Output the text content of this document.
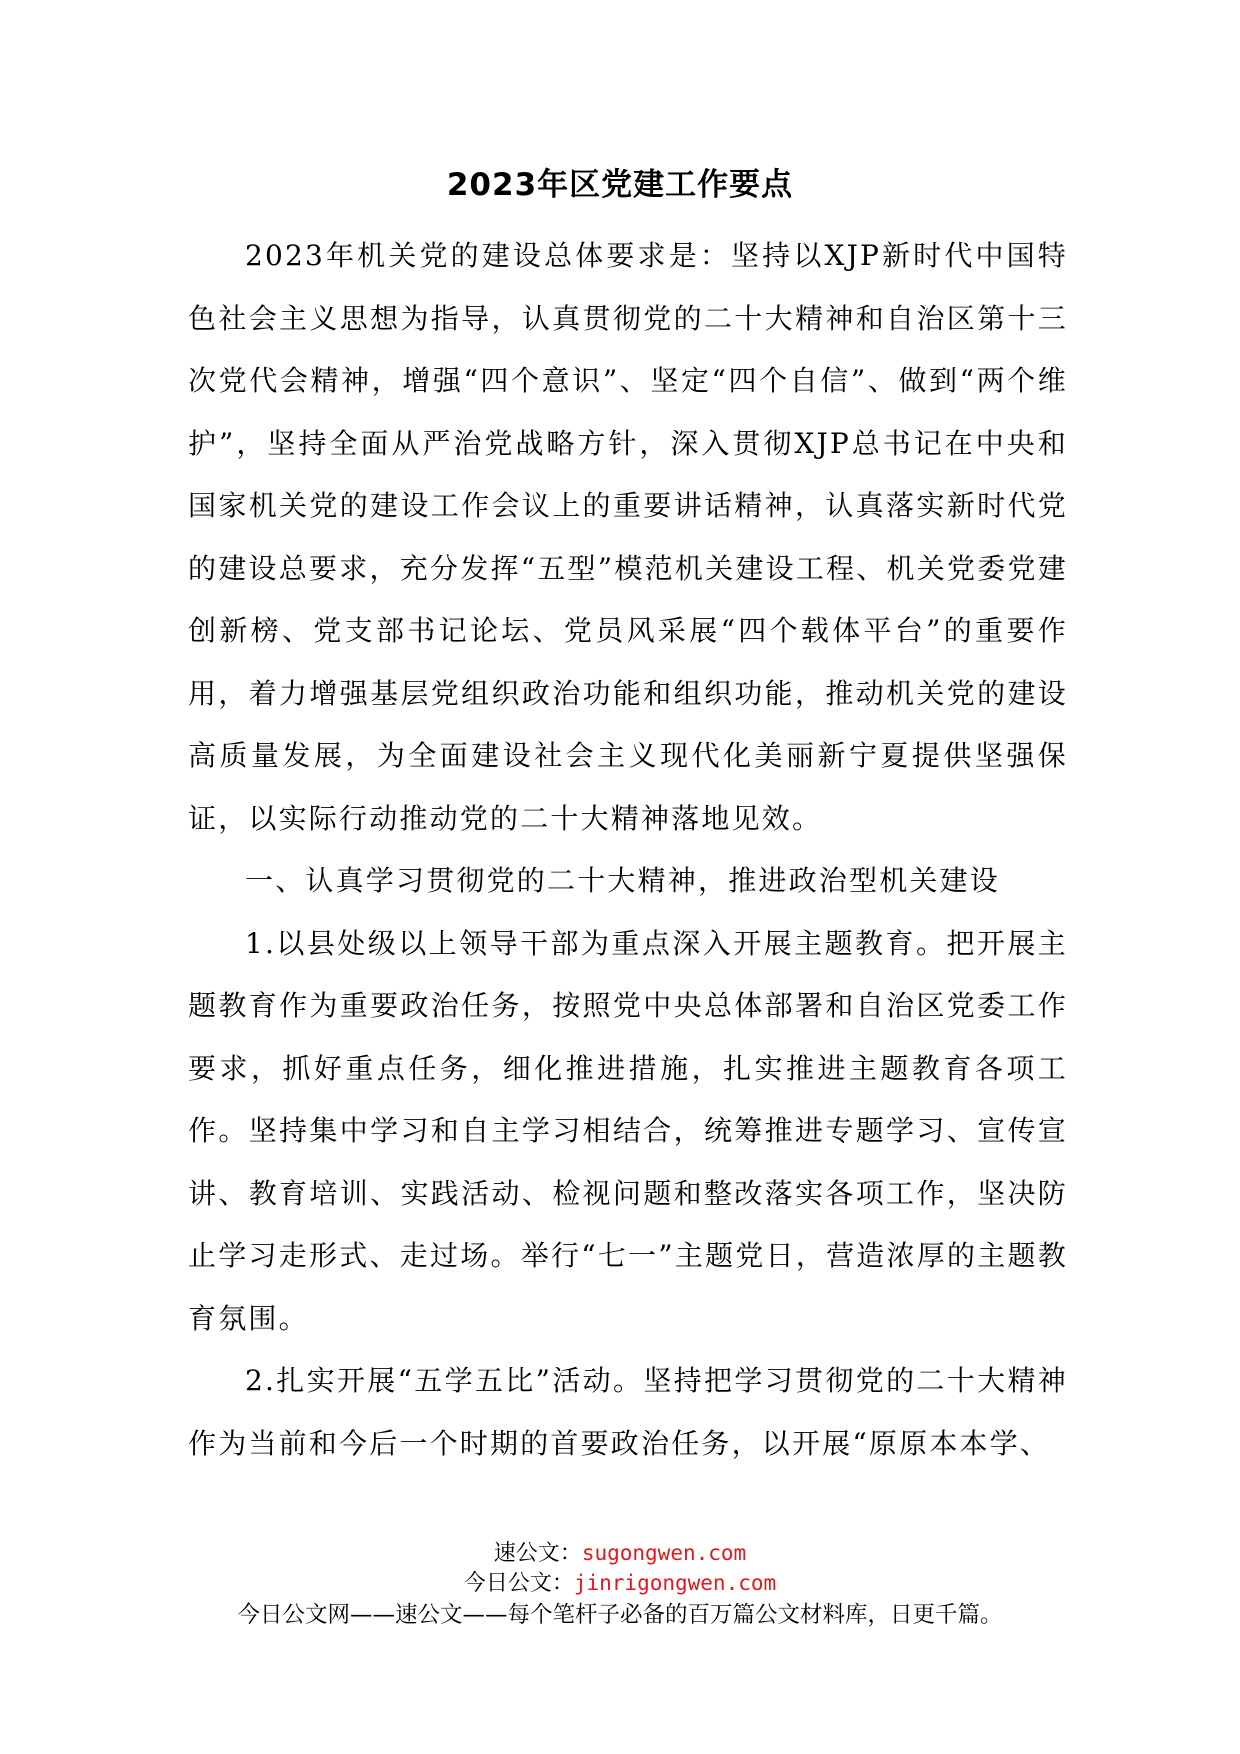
2023年区党建工作要点

2023年机关党的建设总体要求是：坚持以XJP新时代中国特色社会主义思想为指导，认真贯彻党的二十大精神和自治区第十三次党代会精神，增强“四个意识”、坚定“四个自信”、做到“两个维护”，坚持全面从严治党战略方针，深入贯彻XJP总书记在中央和国家机关党的建设工作会议上的重要讲话精神，认真落实新时代党的建设总要求，充分发挥“五型”模范机关建设工程、机关党委党建创新榜、党支部书记论坛、党员风采展“四个载体平台”的重要作用，着力增强基层党组织政治功能和组织功能，推动机关党的建设高质量发展，为全面建设社会主义现代化美丽新宁夏提供坚强保证，以实际行动推动党的二十大精神落地见效。

一、认真学习贯彻党的二十大精神，推进政治型机关建设

1.以县处级以上领导干部为重点深入开展主题教育。把开展主题教育作为重要政治任务，按照党中央总体部署和自治区党委工作要求，抓好重点任务，细化推进措施，扎实推进主题教育各项工作。坚持集中学习和自主学习相结合，统筹推进专题学习、宣传宣讲、教育培训、实践活动、检视问题和整改落实各项工作，坚决防止学习走形式、走过场。举行“七一”主题党日，营造浓厚的主题教育氛围。

2.扎实开展“五学五比”活动。坚持把学习贯彻党的二十大精神作为当前和今后一个时期的首要政治任务，以开展“原原本本学、

速公文：sugongwen.com
今日公文：jinrigongwen.com
今日公文网——速公文——每个笔杆子必备的百万篇公文材料库，日更千篇。
